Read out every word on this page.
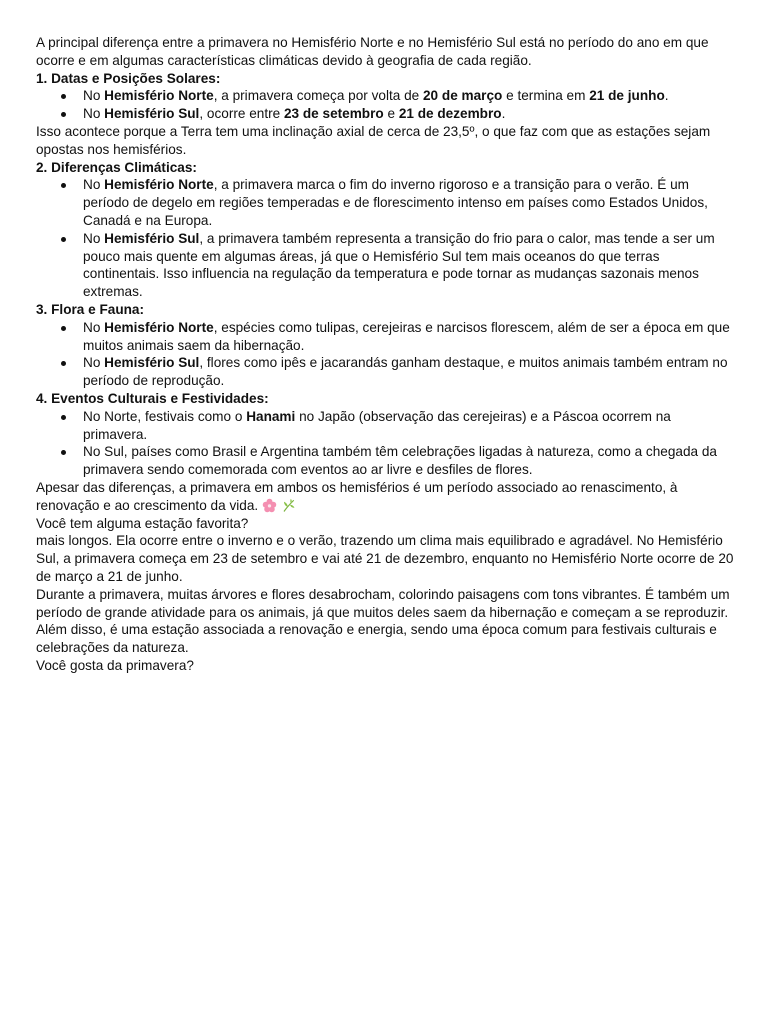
A principal diferença entre a primavera no Hemisfério Norte e no Hemisfério Sul está no período do ano em que ocorre e em algumas características climáticas devido à geografia de cada região.

1. Datas e Posições Solares:

No Hemisfério Norte, a primavera começa por volta de 20 de março e termina em 21 de junho.
No Hemisfério Sul, ocorre entre 23 de setembro e 21 de dezembro.

Isso acontece porque a Terra tem uma inclinação axial de cerca de 23,5º, o que faz com que as estações sejam opostas nos hemisférios.

2. Diferenças Climáticas:

No Hemisfério Norte, a primavera marca o fim do inverno rigoroso e a transição para o verão. É um período de degelo em regiões temperadas e de florescimento intenso em países como Estados Unidos, Canadá e na Europa.
No Hemisfério Sul, a primavera também representa a transição do frio para o calor, mas tende a ser um pouco mais quente em algumas áreas, já que o Hemisfério Sul tem mais oceanos do que terras continentais. Isso influencia na regulação da temperatura e pode tornar as mudanças sazonais menos extremas.

3. Flora e Fauna:

No Hemisfério Norte, espécies como tulipas, cerejeiras e narcisos florescem, além de ser a época em que muitos animais saem da hibernação.
No Hemisfério Sul, flores como ipês e jacarandás ganham destaque, e muitos animais também entram no período de reprodução.

4. Eventos Culturais e Festividades:

No Norte, festivais como o Hanami no Japão (observação das cerejeiras) e a Páscoa ocorrem na primavera.
No Sul, países como Brasil e Argentina também têm celebrações ligadas à natureza, como a chegada da primavera sendo comemorada com eventos ao ar livre e desfiles de flores.

Apesar das diferenças, a primavera em ambos os hemisférios é um período associado ao renascimento, à renovação e ao crescimento da vida.

Você tem alguma estação favorita?

mais longos. Ela ocorre entre o inverno e o verão, trazendo um clima mais equilibrado e agradável. No Hemisfério Sul, a primavera começa em 23 de setembro e vai até 21 de dezembro, enquanto no Hemisfério Norte ocorre de 20 de março a 21 de junho.

Durante a primavera, muitas árvores e flores desabrocham, colorindo paisagens com tons vibrantes. É também um período de grande atividade para os animais, já que muitos deles saem da hibernação e começam a se reproduzir. Além disso, é uma estação associada a renovação e energia, sendo uma época comum para festivais culturais e celebrações da natureza.

Você gosta da primavera?
